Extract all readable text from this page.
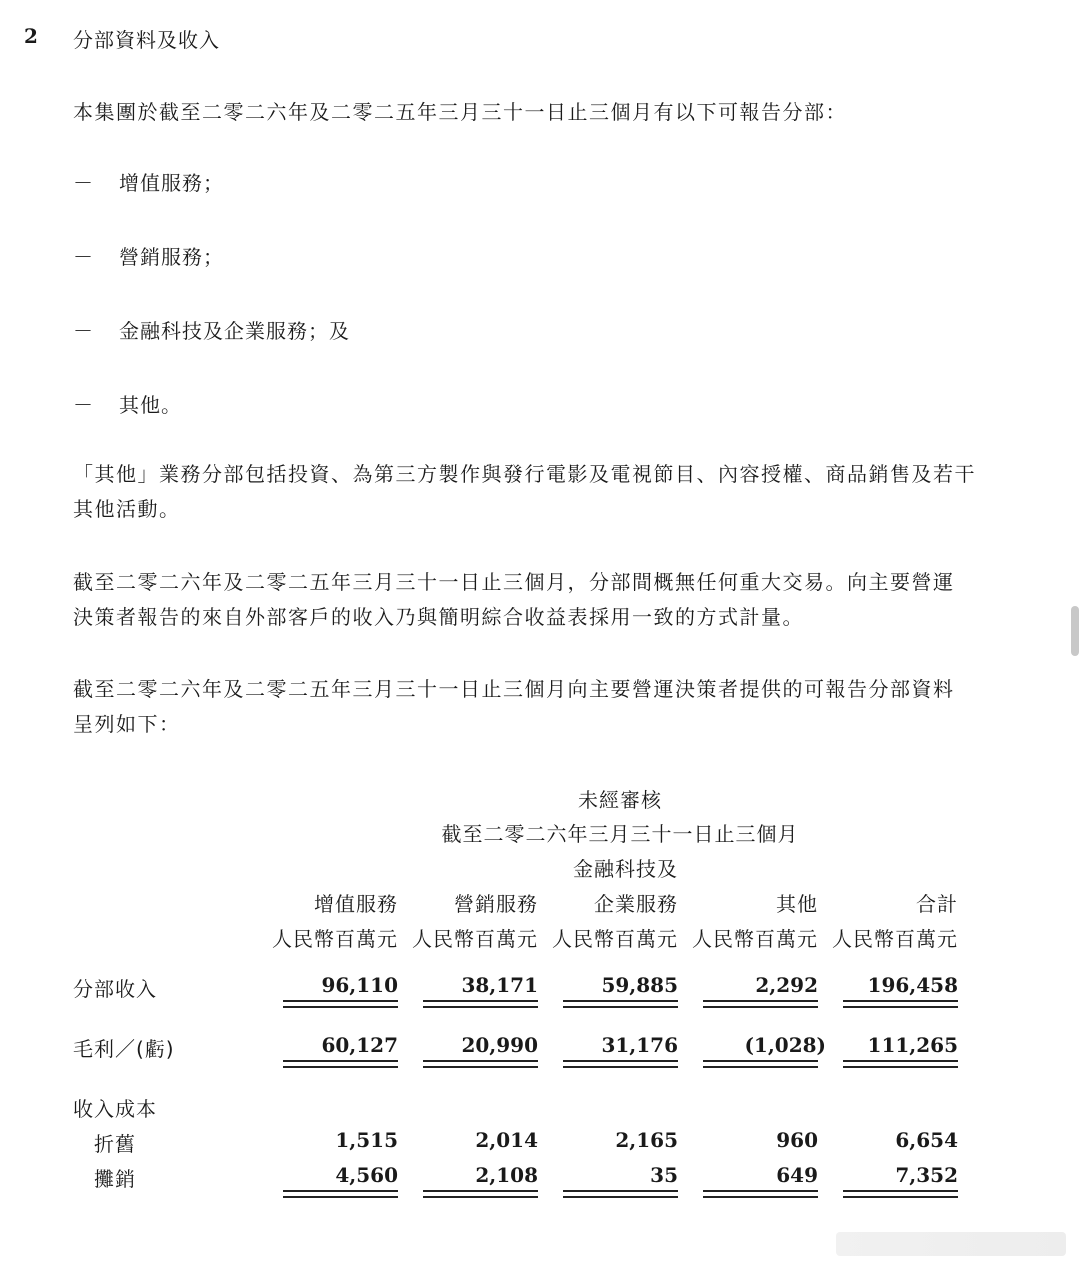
2 分部資料及收入
本集團於截至二零二六年及二零二五年三月三十一日止三個月有以下可報告分部：
－ 增值服務；
－ 營銷服務；
－ 金融科技及企業服務；及
－ 其他。
「其他」業務分部包括投資、為第三方製作與發行電影及電視節目、內容授權、商品銷售及若干
其他活動。
截至二零二六年及二零二五年三月三十一日止三個月，分部間概無任何重大交易。向主要營運
決策者報告的來自外部客戶的收入乃與簡明綜合收益表採用一致的方式計量。
截至二零二六年及二零二五年三月三十一日止三個月向主要營運決策者提供的可報告分部資料
呈列如下：
未經審核
截至二零二六年三月三十一日止三個月
金融科技及
增值服務	營銷服務	企業服務	其他	合計
人民幣百萬元 人民幣百萬元 人民幣百萬元 人民幣百萬元 人民幣百萬元
分部收入	96,110	38,171	59,885	2,292	196,458
毛利／(虧)	60,127	20,990	31,176	(1,028)	111,265
收入成本
折舊	1,515	2,014	2,165	960	6,654
攤銷	4,560	2,108	35	649	7,352
